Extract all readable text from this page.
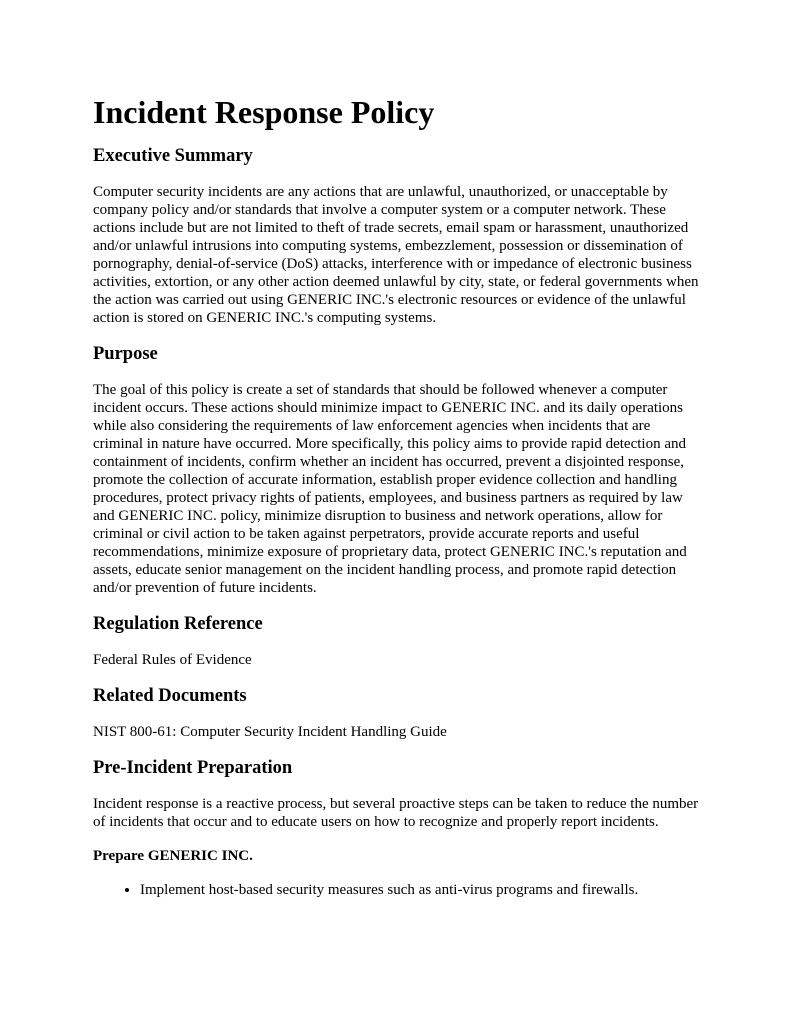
Incident Response Policy
Executive Summary

Computer security incidents are any actions that are unlawful, unauthorized, or unacceptable by company policy and/or standards that involve a computer system or a computer network. These actions include but are not limited to theft of trade secrets, email spam or harassment, unauthorized and/or unlawful intrusions into computing systems, embezzlement, possession or dissemination of pornography, denial-of-service (DoS) attacks, interference with or impedance of electronic business activities, extortion, or any other action deemed unlawful by city, state, or federal governments when the action was carried out using GENERIC INC.'s electronic resources or evidence of the unlawful action is stored on GENERIC INC.'s computing systems.

Purpose

The goal of this policy is create a set of standards that should be followed whenever a computer incident occurs. These actions should minimize impact to GENERIC INC. and its daily operations while also considering the requirements of law enforcement agencies when incidents that are criminal in nature have occurred. More specifically, this policy aims to provide rapid detection and containment of incidents, confirm whether an incident has occurred, prevent a disjointed response, promote the collection of accurate information, establish proper evidence collection and handling procedures, protect privacy rights of patients, employees, and business partners as required by law and GENERIC INC. policy, minimize disruption to business and network operations, allow for criminal or civil action to be taken against perpetrators, provide accurate reports and useful recommendations, minimize exposure of proprietary data, protect GENERIC INC.'s reputation and assets, educate senior management on the incident handling process, and promote rapid detection and/or prevention of future incidents.

Regulation Reference

Federal Rules of Evidence

Related Documents

NIST 800-61: Computer Security Incident Handling Guide

Pre-Incident Preparation

Incident response is a reactive process, but several proactive steps can be taken to reduce the number of incidents that occur and to educate users on how to recognize and properly report incidents.

Prepare GENERIC INC.
• Implement host-based security measures such as anti-virus programs and firewalls.
